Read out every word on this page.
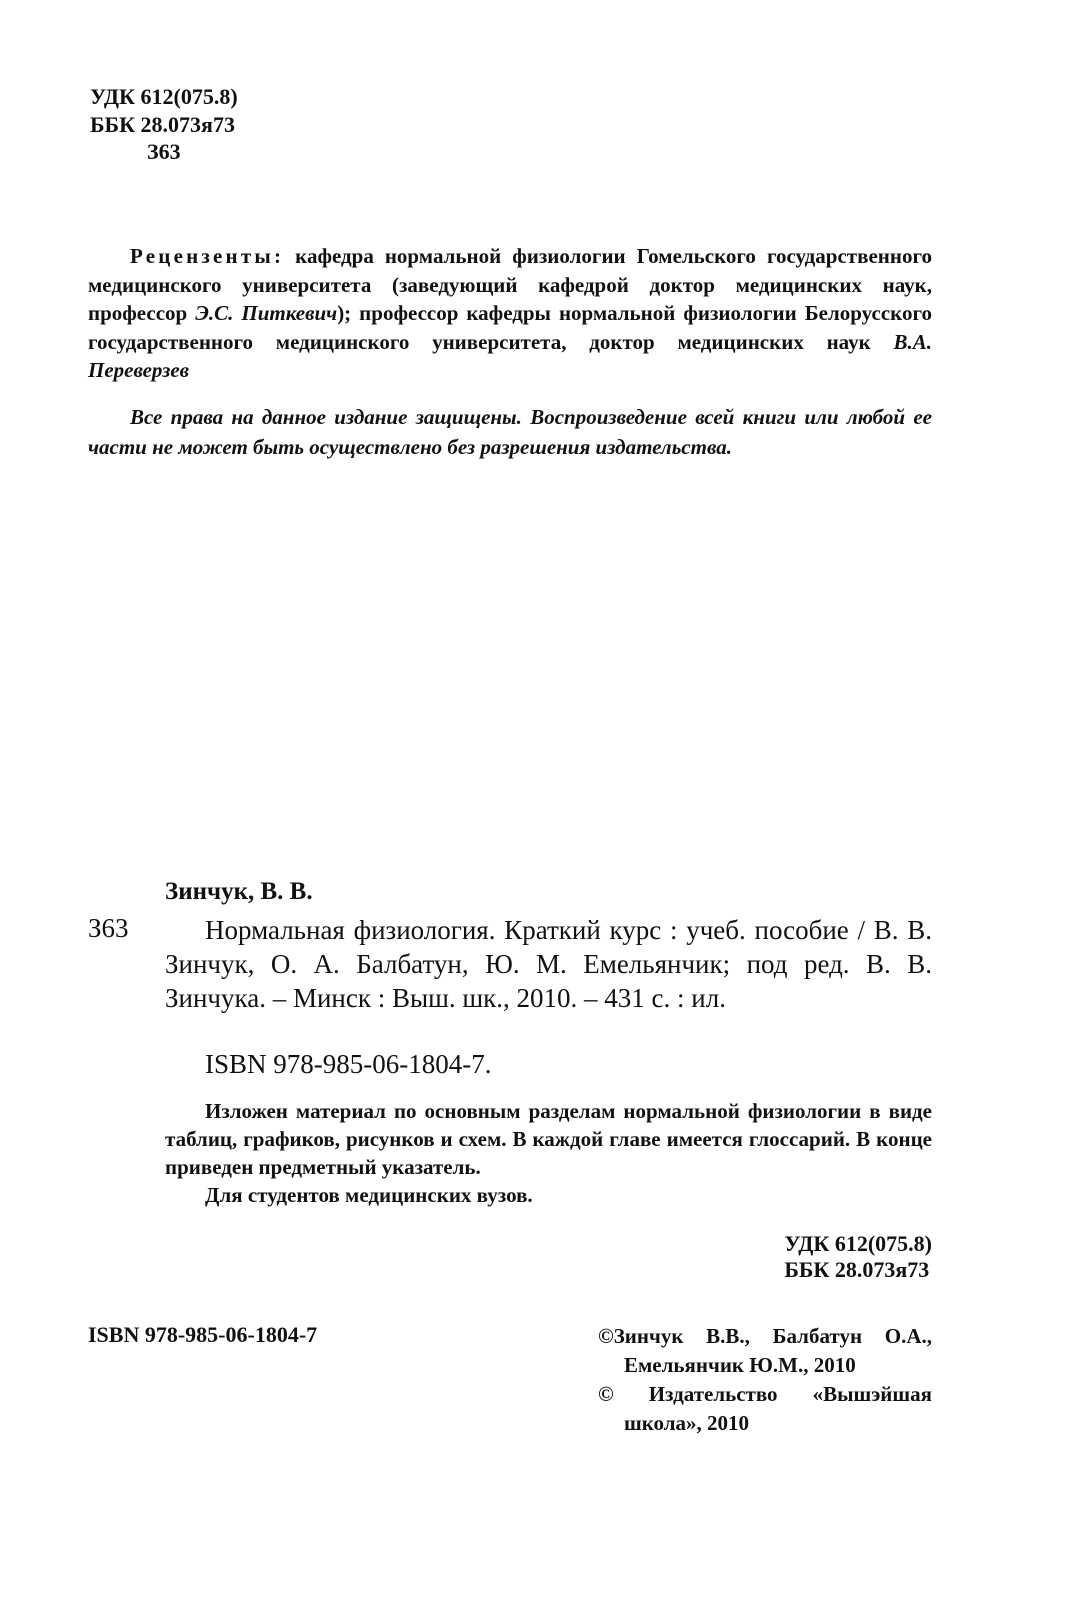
УДК 612(075.8)
ББК 28.073я73
З63
Рецензенты: кафедра нормальной физиологии Гомельского государственного медицинского университета (заведующий кафедрой доктор медицинских наук, профессор Э.С. Питкевич); профессор кафедры нормальной физиологии Белорусского государственного медицинского университета, доктор медицинских наук В.А. Переверзев
Все права на данное издание защищены. Воспроизведение всей книги или любой ее части не может быть осуществлено без разрешения издательства.
Зинчук, В. В.
З63	Нормальная физиология. Краткий курс : учеб. пособие / В. В. Зинчук, О. А. Балбатун, Ю. М. Емельянчик; под ред. В. В. Зинчука. – Минск : Выш. шк., 2010. – 431 с. : ил.
ISBN 978-985-06-1804-7.

Изложен материал по основным разделам нормальной физиологии в виде таблиц, графиков, рисунков и схем. В каждой главе имеется глоссарий. В конце приведен предметный указатель.

Для студентов медицинских вузов.

УДК 612(075.8)
ББК 28.073я73
ISBN 978-985-06-1804-7	©Зинчук В.В., Балбатун О.А., Емельянчик Ю.М., 2010
© Издательство «Вышэйшая школа», 2010
